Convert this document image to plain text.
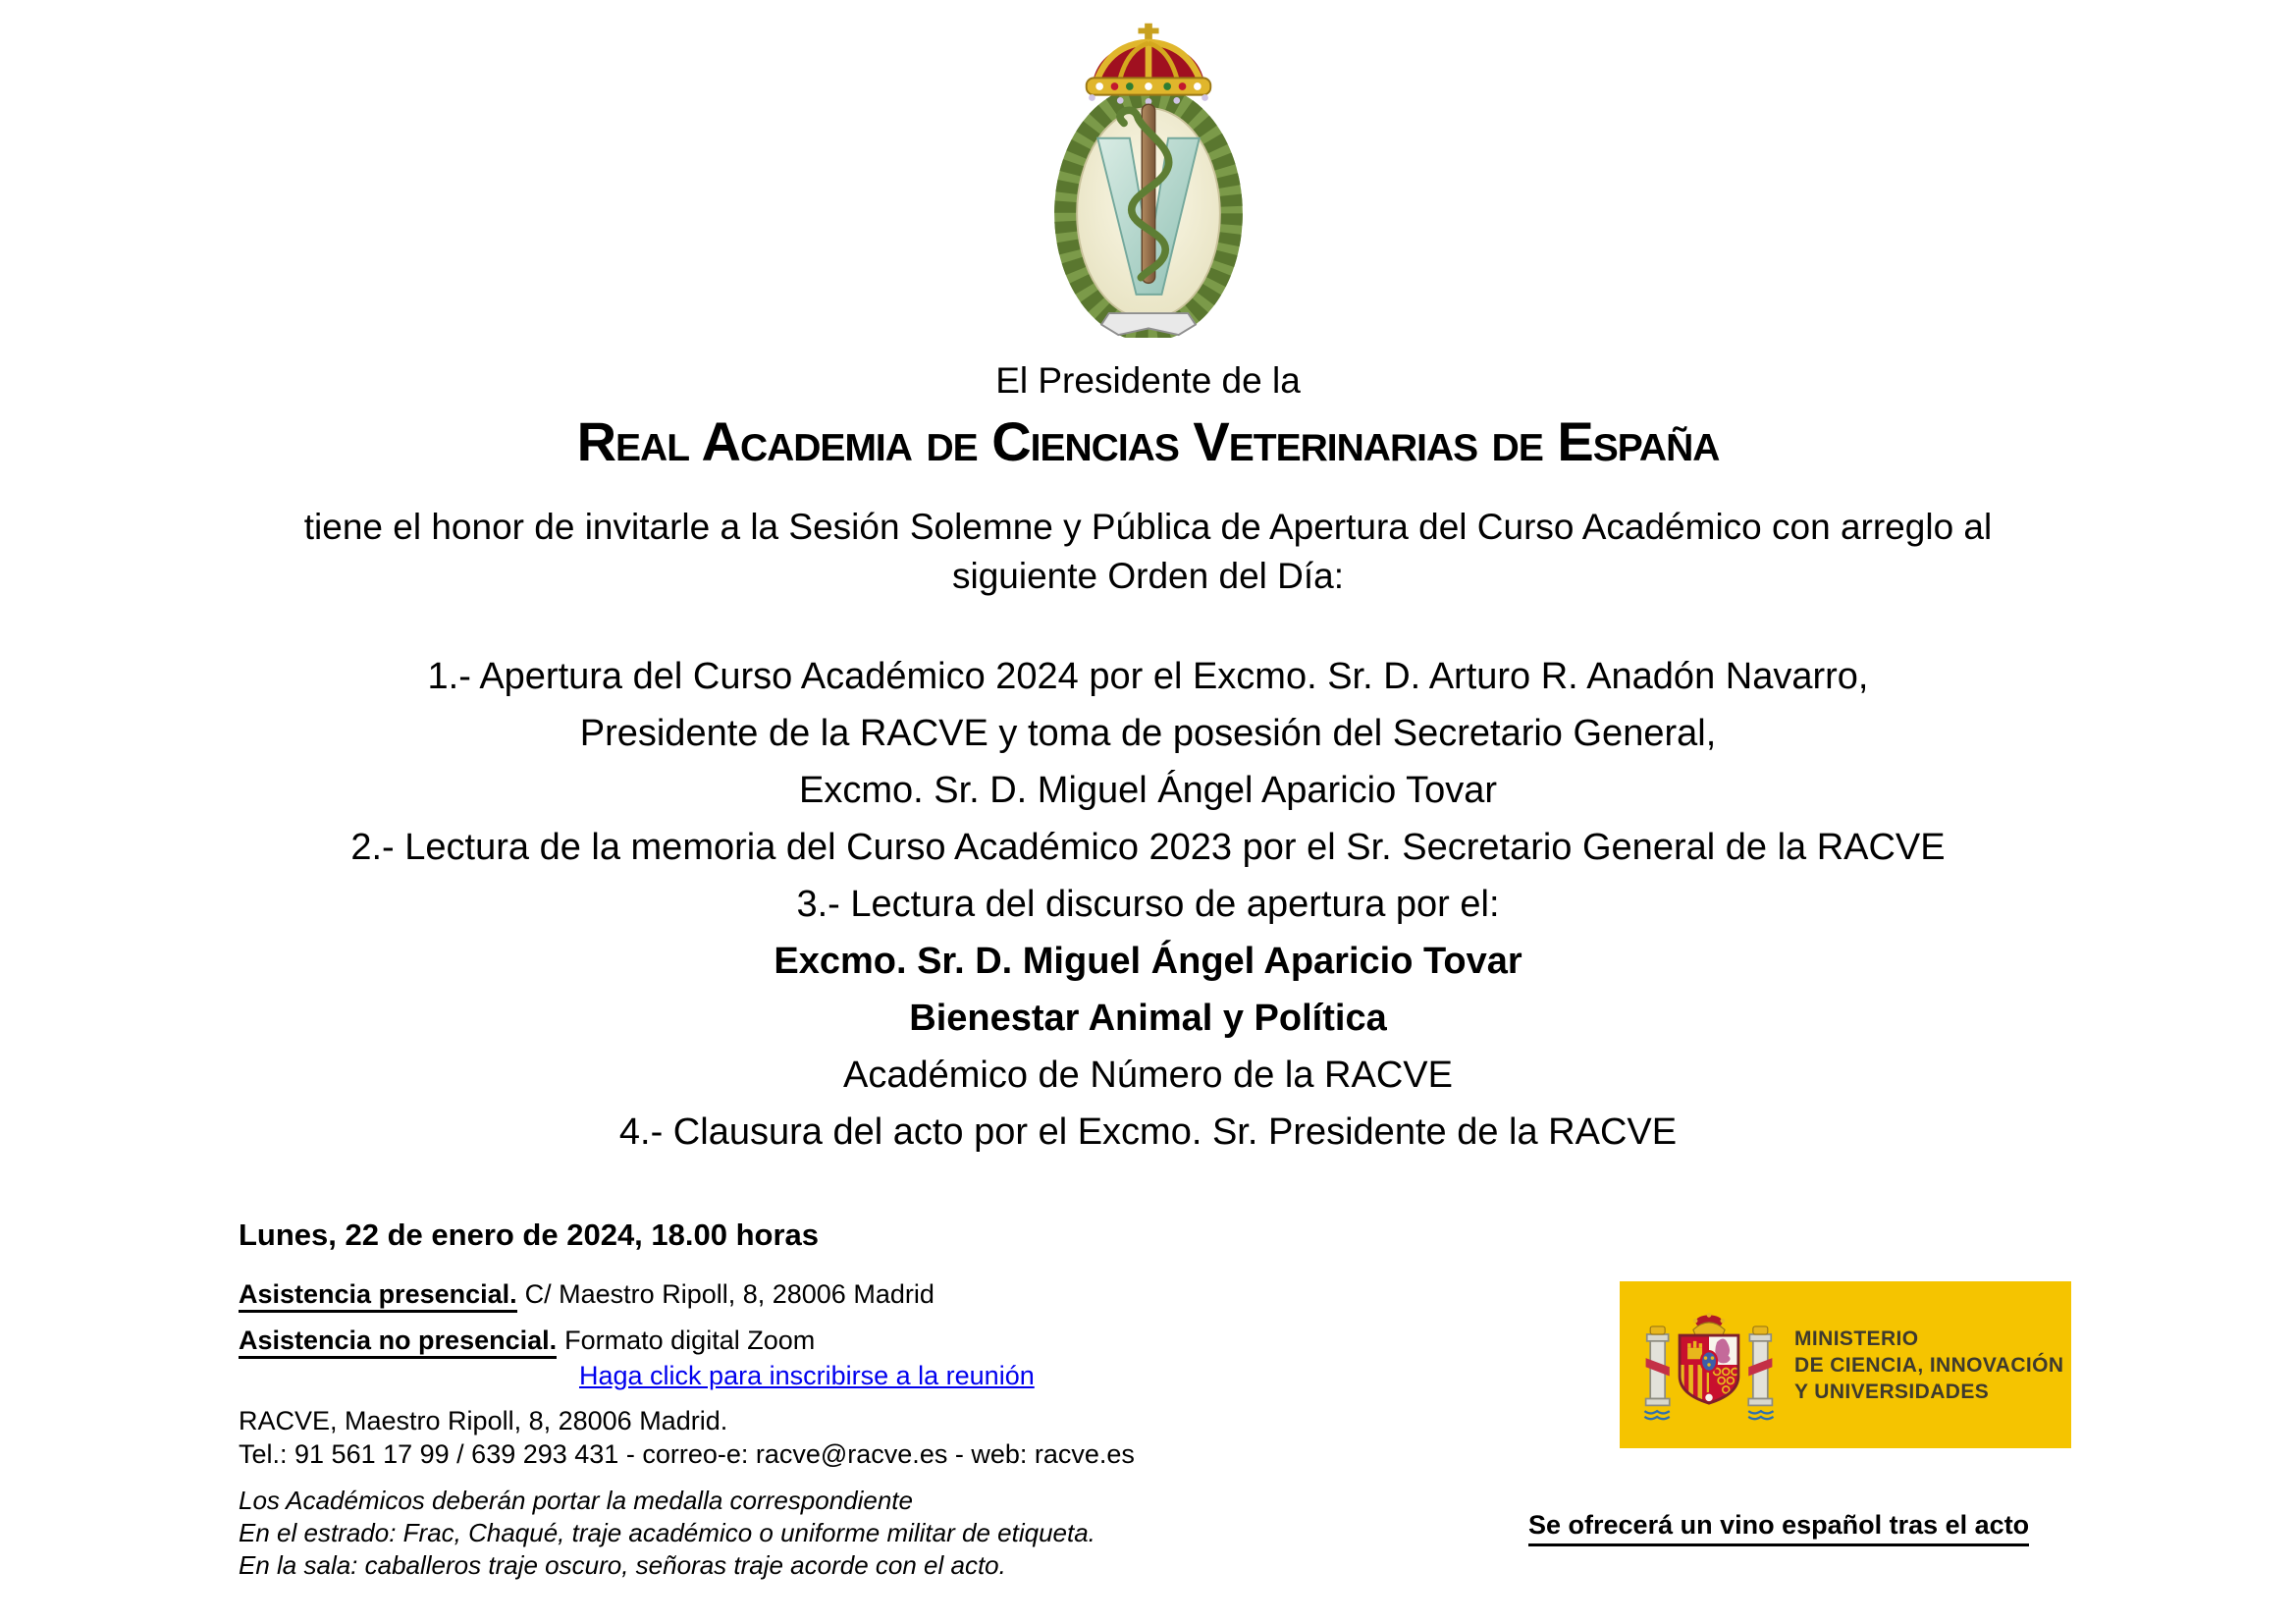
El Presidente de la
Real Academia de Ciencias Veterinarias de España
tiene el honor de invitarle a la Sesión Solemne y Pública de Apertura del Curso Académico con arreglo al
siguiente Orden del Día:
1.- Apertura del Curso Académico 2024 por el Excmo. Sr. D. Arturo R. Anadón Navarro,
Presidente de la RACVE y toma de posesión del Secretario General,
Excmo. Sr. D. Miguel Ángel Aparicio Tovar
2.- Lectura de la memoria del Curso Académico 2023 por el Sr. Secretario General de la RACVE
3.- Lectura del discurso de apertura por el:
Excmo. Sr. D. Miguel Ángel Aparicio Tovar
Bienestar Animal y Política
Académico de Número de la RACVE
4.- Clausura del acto por el Excmo. Sr. Presidente de la RACVE
Lunes, 22 de enero de 2024, 18.00 horas
Asistencia presencial. C/ Maestro Ripoll, 8, 28006 Madrid
Asistencia no presencial. Formato digital Zoom
Haga click para inscribirse a la reunión
RACVE, Maestro Ripoll, 8, 28006 Madrid.
Tel.: 91 561 17 99 / 639 293 431 - correo-e: racve@racve.es - web: racve.es
Los Académicos deberán portar la medalla correspondiente
En el estrado: Frac, Chaqué, traje académico o uniforme militar de etiqueta.
En la sala: caballeros traje oscuro, señoras traje acorde con el acto.
MINISTERIO
DE CIENCIA, INNOVACIÓN
Y UNIVERSIDADES
Se ofrecerá un vino español tras el acto
